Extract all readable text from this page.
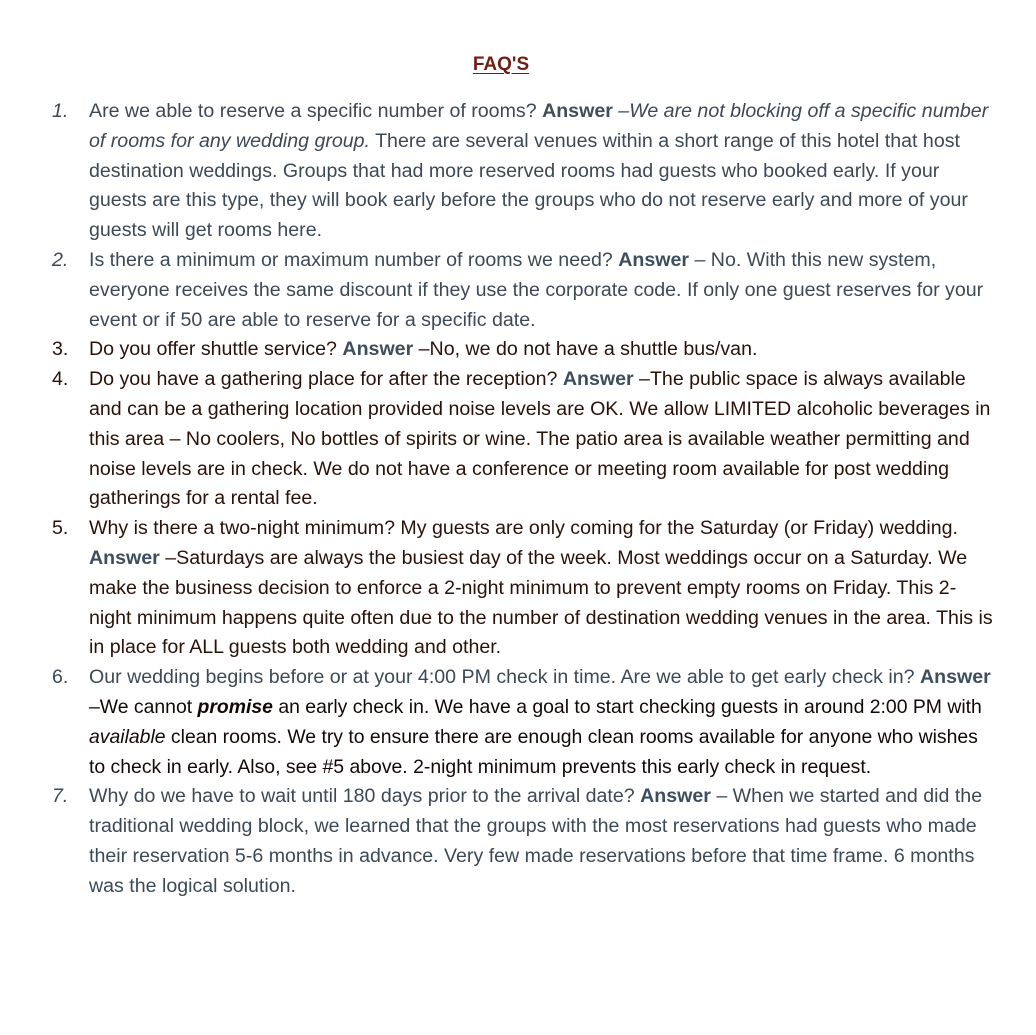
FAQ'S
1. Are we able to reserve a specific number of rooms? Answer –We are not blocking off a specific number of rooms for any wedding group. There are several venues within a short range of this hotel that host destination weddings. Groups that had more reserved rooms had guests who booked early. If your guests are this type, they will book early before the groups who do not reserve early and more of your guests will get rooms here.
2. Is there a minimum or maximum number of rooms we need? Answer – No. With this new system, everyone receives the same discount if they use the corporate code. If only one guest reserves for your event or if 50 are able to reserve for a specific date.
3. Do you offer shuttle service? Answer –No, we do not have a shuttle bus/van.
4. Do you have a gathering place for after the reception? Answer –The public space is always available and can be a gathering location provided noise levels are OK. We allow LIMITED alcoholic beverages in this area – No coolers, No bottles of spirits or wine. The patio area is available weather permitting and noise levels are in check. We do not have a conference or meeting room available for post wedding gatherings for a rental fee.
5. Why is there a two-night minimum? My guests are only coming for the Saturday (or Friday) wedding. Answer –Saturdays are always the busiest day of the week. Most weddings occur on a Saturday. We make the business decision to enforce a 2-night minimum to prevent empty rooms on Friday. This 2-night minimum happens quite often due to the number of destination wedding venues in the area. This is in place for ALL guests both wedding and other.
6. Our wedding begins before or at your 4:00 PM check in time. Are we able to get early check in? Answer –We cannot promise an early check in. We have a goal to start checking guests in around 2:00 PM with available clean rooms. We try to ensure there are enough clean rooms available for anyone who wishes to check in early. Also, see #5 above. 2-night minimum prevents this early check in request.
7. Why do we have to wait until 180 days prior to the arrival date? Answer – When we started and did the traditional wedding block, we learned that the groups with the most reservations had guests who made their reservation 5-6 months in advance. Very few made reservations before that time frame. 6 months was the logical solution.
